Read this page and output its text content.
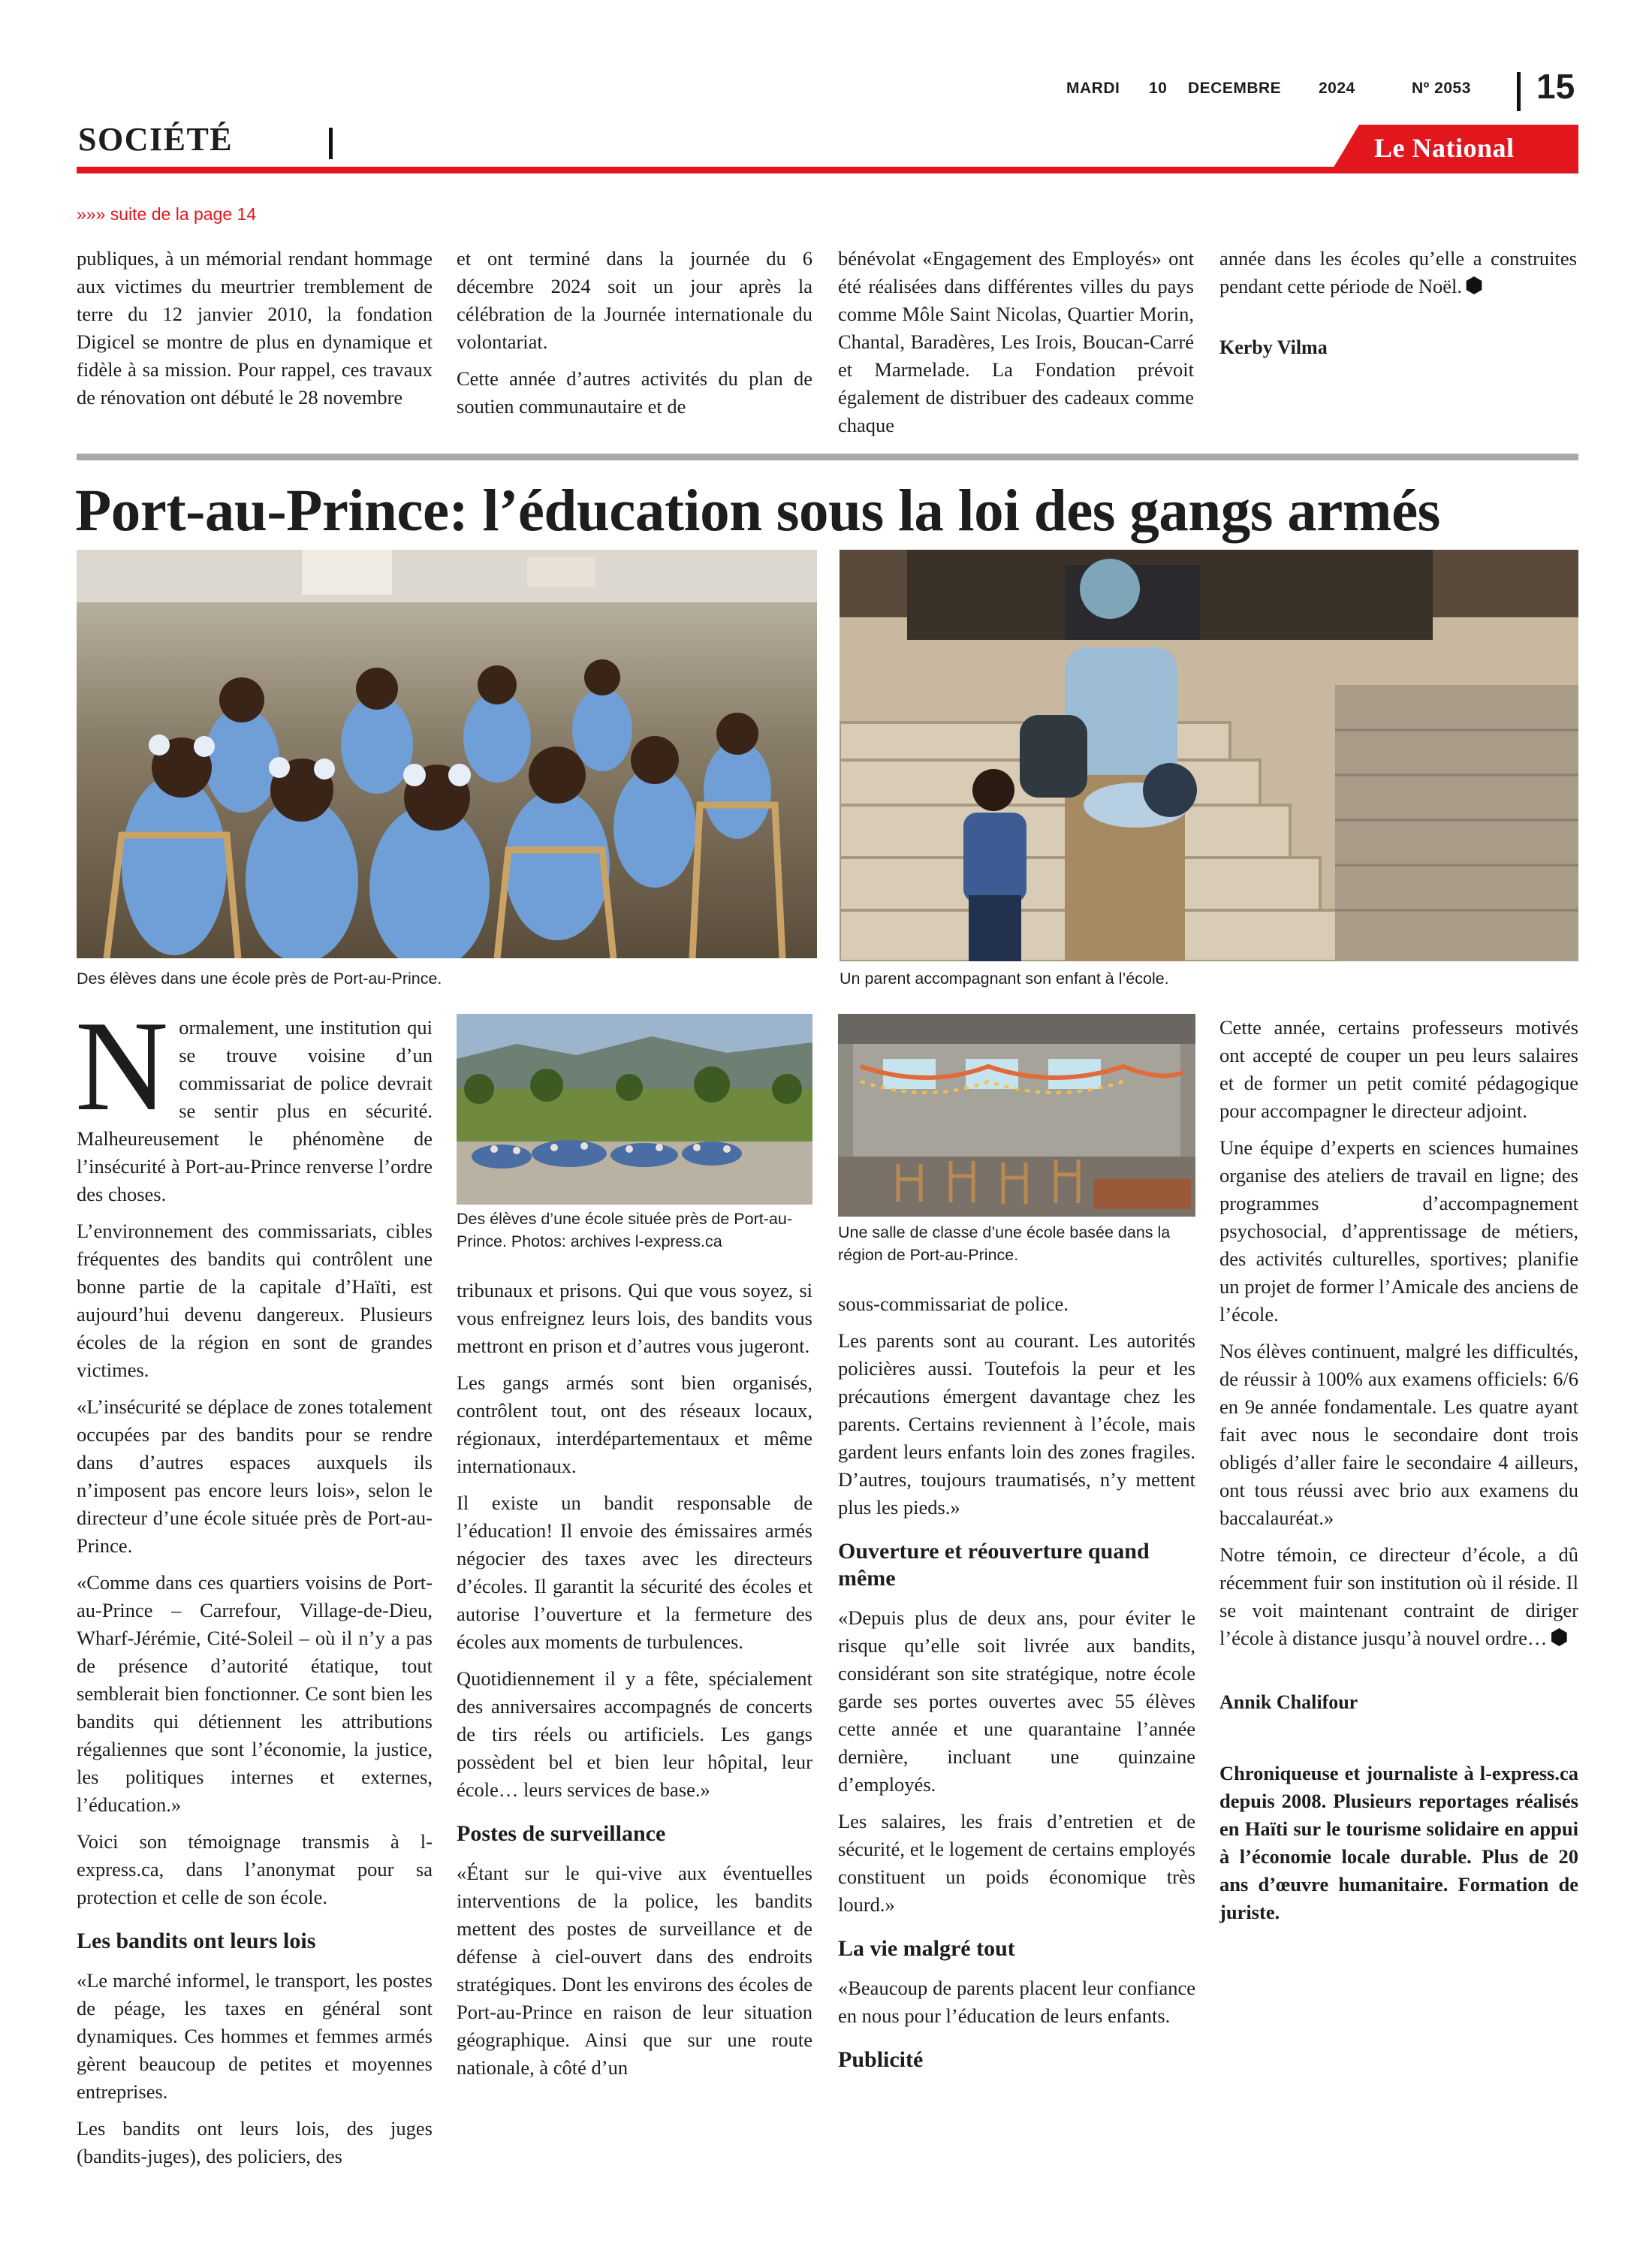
MARDI 10 DECEMBRE 2024	Nº 2053 15
SOCIÉTÉ	Le National
»»» suite de la page 14

publiques, à un mémorial rendant hommage aux victimes du meurtrier tremblement de terre du 12 janvier 2010, la fondation Digicel se montre de plus en dynamique et fidèle à sa mission. Pour rappel, ces travaux de rénovation ont débuté le 28 novembre

et ont terminé dans la journée du 6 décembre 2024 soit un jour après la célébration de la Journée internationale du volontariat.

Cette année d’autres activités du plan de soutien communautaire et de

bénévolat «Engagement des Employés» ont été réalisées dans différentes villes du pays comme Môle Saint Nicolas, Quartier Morin, Chantal, Baradères, Les Irois, Boucan-Carré et Marmelade. La Fondation prévoit également de distribuer des cadeaux comme chaque

année dans les écoles qu’elle a construites pendant cette période de Noël.

Kerby Vilma

Port-au-Prince: l’éducation sous la loi des gangs armés
Des élèves dans une école près de Port-au-Prince.	Un parent accompagnant son enfant à l’école.

Normalement, une institution qui se trouve voisine d’un commissariat de police devrait se sentir plus en sécurité. Malheureusement le phénomène de l’insécurité à Port-au-Prince renverse l’ordre des choses.

L’environnement des commissariats, cibles fréquentes des bandits qui contrôlent une bonne partie de la capitale d’Haïti, est aujourd’hui devenu dangereux. Plusieurs écoles de la région en sont de grandes victimes.

«L’insécurité se déplace de zones totalement occupées par des bandits pour se rendre dans d’autres espaces auxquels ils n’imposent pas encore leurs lois», selon le directeur d’une école située près de Port-au-Prince.

«Comme dans ces quartiers voisins de Port-au-Prince – Carrefour, Village-de-Dieu, Wharf-Jérémie, Cité-Soleil – où il n’y a pas de présence d’autorité étatique, tout semblerait bien fonctionner. Ce sont bien les bandits qui détiennent les attributions régaliennes que sont l’économie, la justice, les politiques internes et externes, l’éducation.»

Voici son témoignage transmis à l-express.ca, dans l’anonymat pour sa protection et celle de son école.

Les bandits ont leurs lois

«Le marché informel, le transport, les postes de péage, les taxes en général sont dynamiques. Ces hommes et femmes armés gèrent beaucoup de petites et moyennes entreprises.

Les bandits ont leurs lois, des juges (bandits-juges), des policiers, des

Des élèves d’une école située près de Port-au-Prince. Photos: archives l-express.ca

tribunaux et prisons. Qui que vous soyez, si vous enfreignez leurs lois, des bandits vous mettront en prison et d’autres vous jugeront.

Les gangs armés sont bien organisés, contrôlent tout, ont des réseaux locaux, régionaux, interdépartementaux et même internationaux.

Il existe un bandit responsable de l’éducation! Il envoie des émissaires armés négocier des taxes avec les directeurs d’écoles. Il garantit la sécurité des écoles et autorise l’ouverture et la fermeture des écoles aux moments de turbulences.

Quotidiennement il y a fête, spécialement des anniversaires accompagnés de concerts de tirs réels ou artificiels. Les gangs possèdent bel et bien leur hôpital, leur école… leurs services de base.»

Postes de surveillance

«Étant sur le qui-vive aux éventuelles interventions de la police, les bandits mettent des postes de surveillance et de défense à ciel-ouvert dans des endroits stratégiques. Dont les environs des écoles de Port-au-Prince en raison de leur situation géographique. Ainsi que sur une route nationale, à côté d’un

Une salle de classe d’une école basée dans la région de Port-au-Prince.

sous-commissariat de police.

Les parents sont au courant. Les autorités policières aussi. Toutefois la peur et les précautions émergent davantage chez les parents. Certains reviennent à l’école, mais gardent leurs enfants loin des zones fragiles. D’autres, toujours traumatisés, n’y mettent plus les pieds.»

Ouverture et réouverture quand même

«Depuis plus de deux ans, pour éviter le risque qu’elle soit livrée aux bandits, considérant son site stratégique, notre école garde ses portes ouvertes avec 55 élèves cette année et une quarantaine l’année dernière, incluant une quinzaine d’employés.

Les salaires, les frais d’entretien et de sécurité, et le logement de certains employés constituent un poids économique très lourd.»

La vie malgré tout

«Beaucoup de parents placent leur confiance en nous pour l’éducation de leurs enfants.

Publicité

Cette année, certains professeurs motivés ont accepté de couper un peu leurs salaires et de former un petit comité pédagogique pour accompagner le directeur adjoint.

Une équipe d’experts en sciences humaines organise des ateliers de travail en ligne; des programmes d’accompagnement psychosocial, d’apprentissage de métiers, des activités culturelles, sportives; planifie un projet de former l’Amicale des anciens de l’école.

Nos élèves continuent, malgré les difficultés, de réussir à 100% aux examens officiels: 6/6 en 9e année fondamentale. Les quatre ayant fait avec nous le secondaire dont trois obligés d’aller faire le secondaire 4 ailleurs, ont tous réussi avec brio aux examens du baccalauréat.»

Notre témoin, ce directeur d’école, a dû récemment fuir son institution où il réside. Il se voit maintenant contraint de diriger l’école à distance jusqu’à nouvel ordre…

Annik Chalifour

Chroniqueuse et journaliste à l-express.ca depuis 2008. Plusieurs reportages réalisés en Haïti sur le tourisme solidaire en appui à l’économie locale durable. Plus de 20 ans d’œuvre humanitaire. Formation de juriste.
